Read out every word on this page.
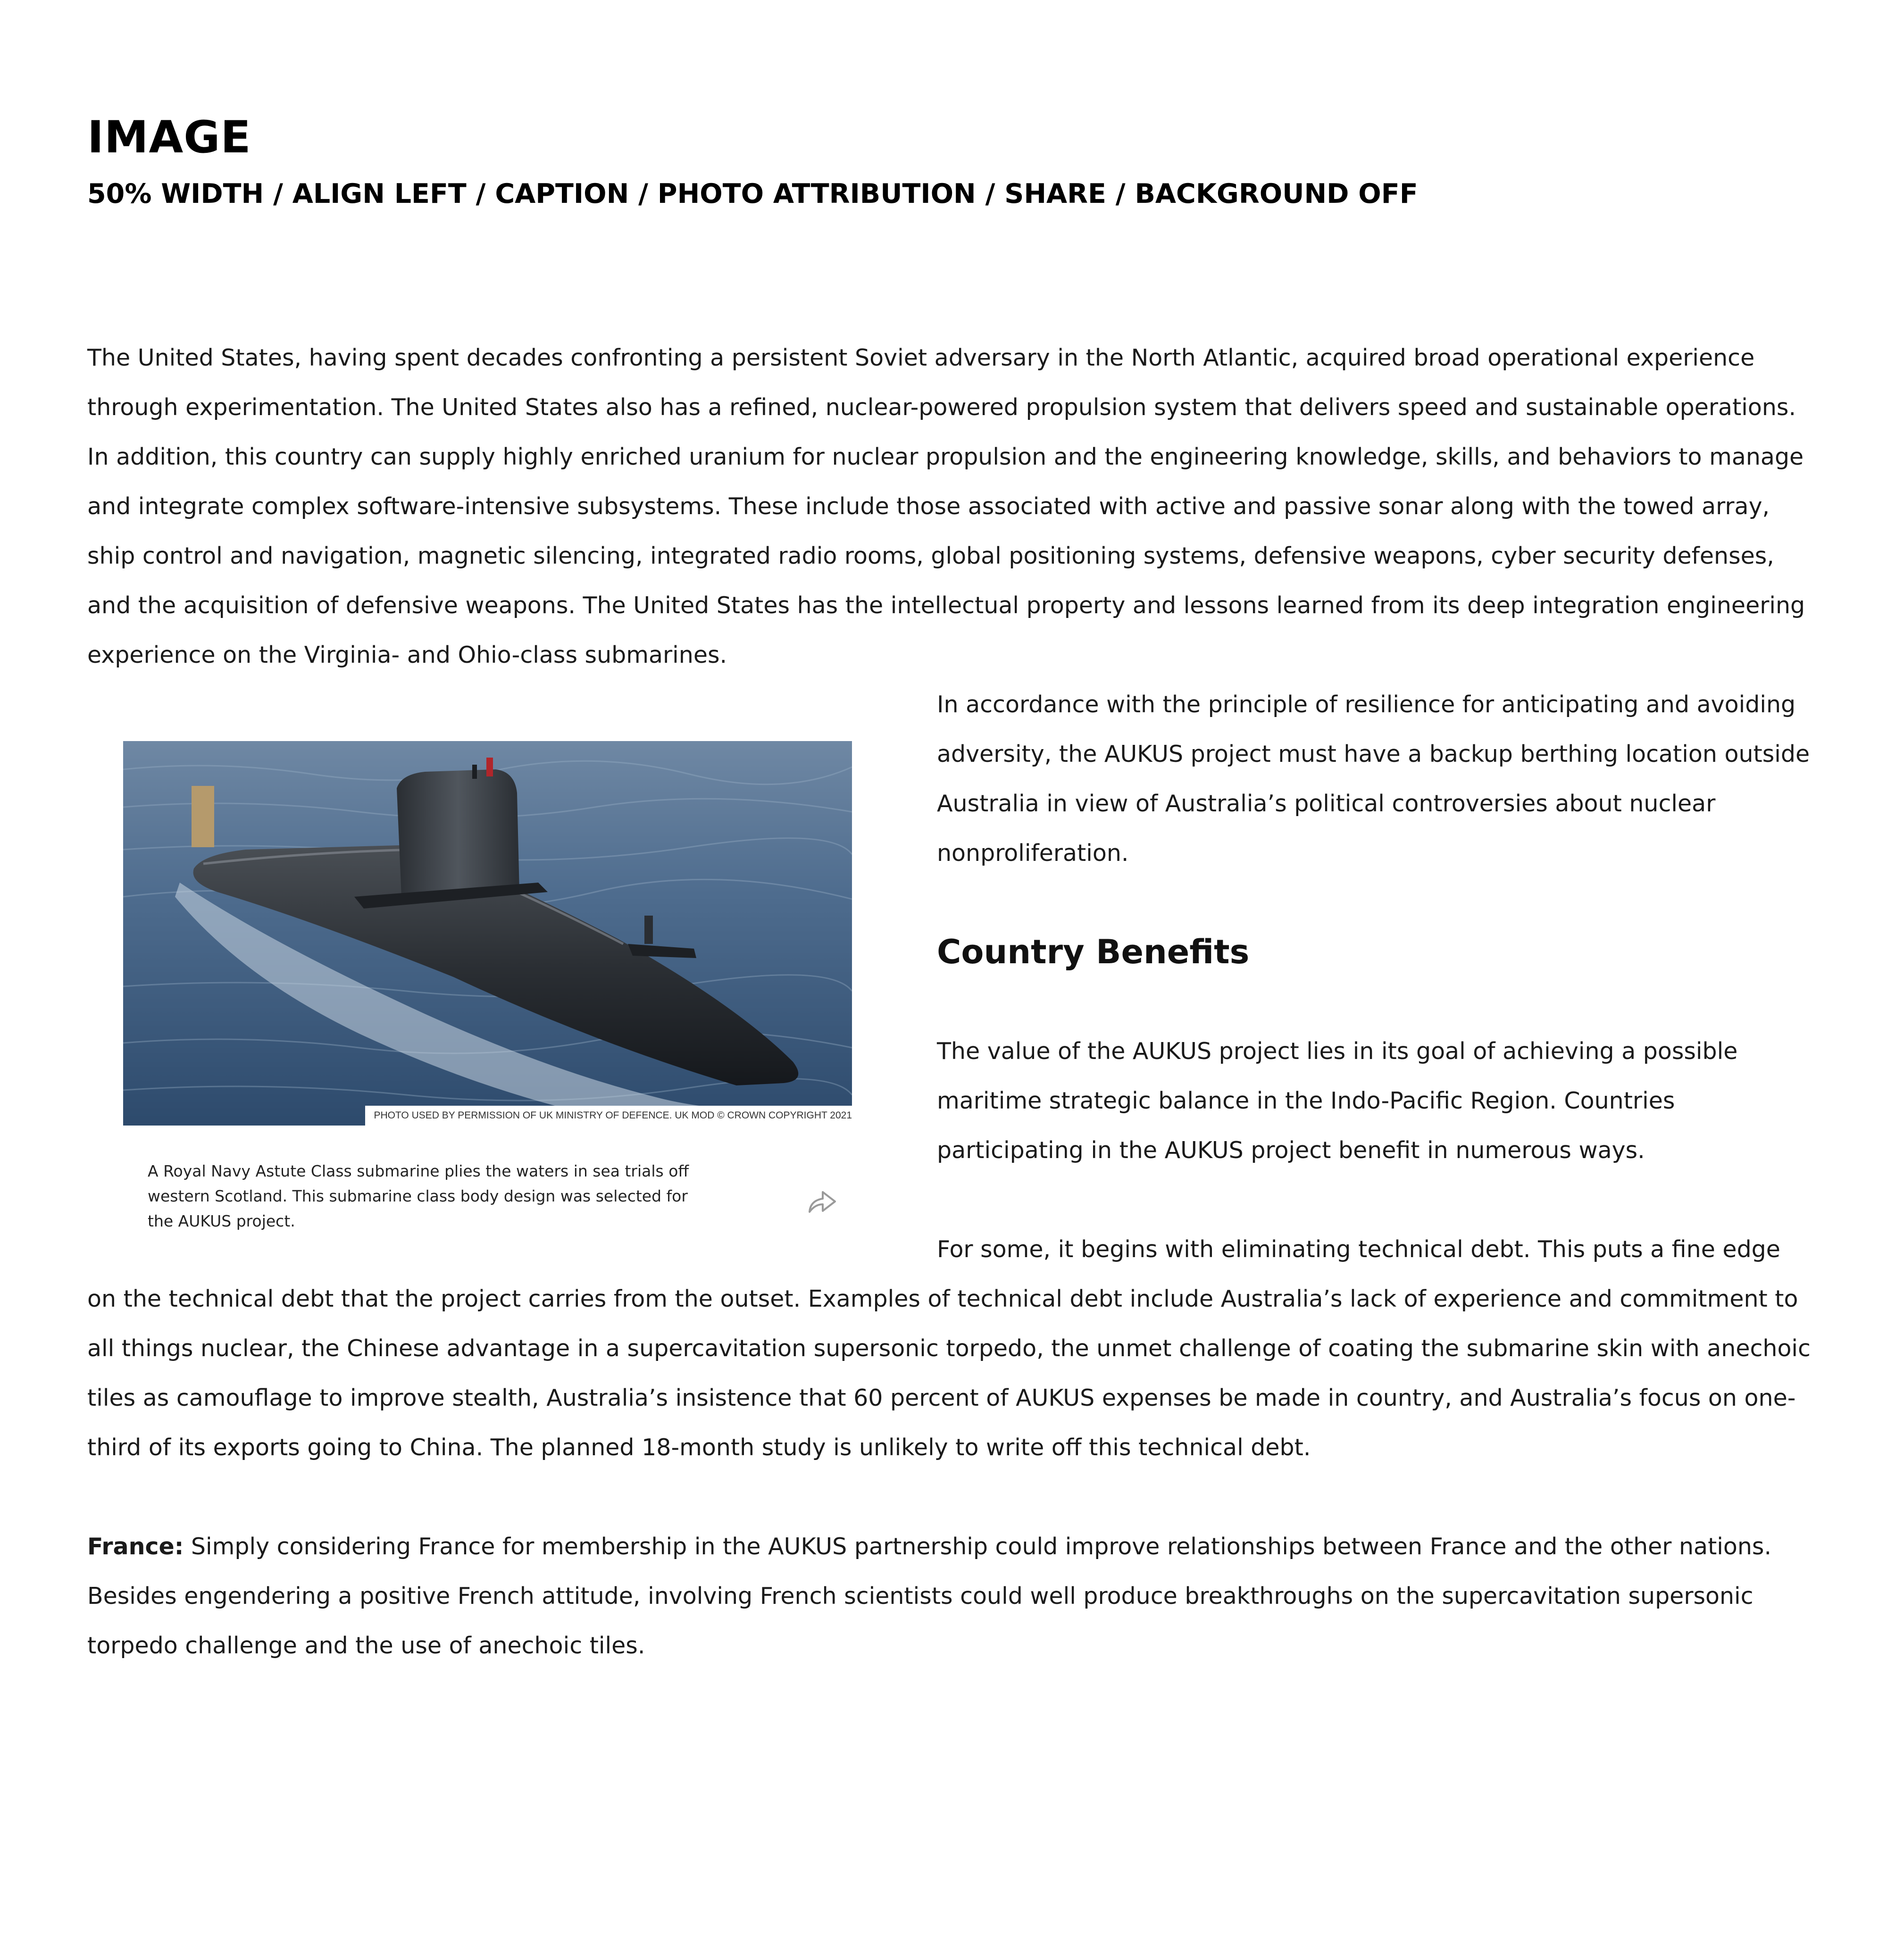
IMAGE
50% WIDTH / ALIGN LEFT / CAPTION / PHOTO ATTRIBUTION / SHARE / BACKGROUND OFF

The United States, having spent decades confronting a persistent Soviet adversary in the North Atlantic, acquired broad operational experience through experimentation. The United States also has a refined, nuclear-powered propulsion system that delivers speed and sustainable operations. In addition, this country can supply highly enriched uranium for nuclear propulsion and the engineering knowledge, skills, and behaviors to manage and integrate complex software-intensive subsystems. These include those associated with active and passive sonar along with the towed array, ship control and navigation, magnetic silencing, integrated radio rooms, global positioning systems, defensive weapons, cyber security defenses, and the acquisition of defensive weapons. The United States has the intellectual property and lessons learned from its deep integration engineering experience on the Virginia- and Ohio-class submarines.

PHOTO USED BY PERMISSION OF UK MINISTRY OF DEFENCE. UK MOD © CROWN COPYRIGHT 2021
A Royal Navy Astute Class submarine plies the waters in sea trials off western Scotland. This submarine class body design was selected for the AUKUS project.

In accordance with the principle of resilience for anticipating and avoiding adversity, the AUKUS project must have a backup berthing location outside Australia in view of Australia’s political controversies about nuclear nonproliferation.

Country Benefits

The value of the AUKUS project lies in its goal of achieving a possible maritime strategic balance in the Indo-Pacific Region. Countries participating in the AUKUS project benefit in numerous ways.

For some, it begins with eliminating technical debt. This puts a fine edge on the technical debt that the project carries from the outset. Examples of technical debt include Australia’s lack of experience and commitment to all things nuclear, the Chinese advantage in a supercavitation supersonic torpedo, the unmet challenge of coating the submarine skin with anechoic tiles as camouflage to improve stealth, Australia’s insistence that 60 percent of AUKUS expenses be made in country, and Australia’s focus on one-third of its exports going to China. The planned 18-month study is unlikely to write off this technical debt.

France: Simply considering France for membership in the AUKUS partnership could improve relationships between France and the other nations. Besides engendering a positive French attitude, involving French scientists could well produce breakthroughs on the supercavitation supersonic torpedo challenge and the use of anechoic tiles.
